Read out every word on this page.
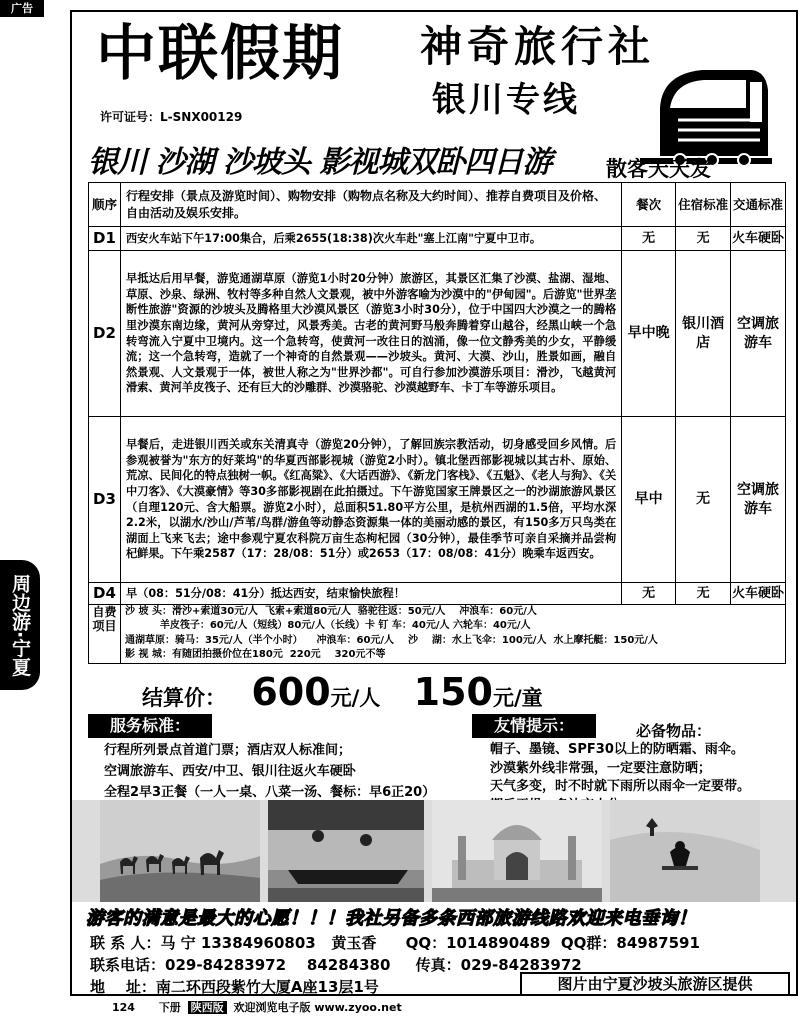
广告
中联假期 神奇旅行社
银川专线
许可证号：L-SNX00129
银川 沙湖 沙坡头 影视城双卧四日游	散客天天发
顺序	行程安排（景点及游览时间）、购物安排（购物点名称及大约时间）、推荐自费项目及价格、自由活动及娱乐安排。	餐次	住宿标准	交通标准
D1	西安火车站下午17:00集合，后乘2655(18:38)次火车赴"塞上江南"宁夏中卫市。	无	无	火车硬卧
D2	早抵达后用早餐，游览通湖草原（游览1小时20分钟）旅游区，其景区汇集了沙漠、盐湖、湿地、草原、沙泉、绿洲、牧村等多种自然人文景观，被中外游客喻为沙漠中的"伊甸园"。后游览"世界垄断性旅游"资源的沙坡头及腾格里大沙漠风景区（游览3小时30分），位于中国四大沙漠之一的腾格里沙漠东南边缘，黄河从旁穿过，风景秀美。古老的黄河野马般奔腾着穿山越谷，经黑山峡一个急转弯流入宁夏中卫境内。这一个急转弯，使黄河一改往日的汹涌，像一位文静秀美的少女，平静缓流；这一个急转弯，造就了一个神奇的自然景观——沙坡头。黄河、大漠、沙山，胜景如画，融自然景观、人文景观于一体，被世人称之为"世界沙都"。可自行参加沙漠游乐项目：滑沙，飞越黄河滑索、黄河羊皮筏子、还有巨大的沙雕群、沙漠骆驼、沙漠越野车、卡丁车等游乐项目。	早中晚	银川酒店	空调旅游车
D3	早餐后，走进银川西关或东关清真寺（游览20分钟），了解回族宗教活动，切身感受回乡风情。后参观被誉为"东方的好莱坞"的华夏西部影视城（游览2小时）。镇北堡西部影视城以其古朴、原始、荒凉、民间化的特点独树一帜。《红高粱》、《大话西游》、《新龙门客栈》、《五魁》、《老人与狗》、《关中刀客》、《大漠豪情》等30多部影视剧在此拍摄过。下午游览国家王牌景区之一的沙湖旅游风景区（自理120元、含大船票。游览2小时），总面积51.80平方公里，是杭州西湖的1.5倍，平均水深2.2米，以湖水/沙山/芦苇/鸟群/游鱼等动静态资源集一体的美丽动感的景区，有150多万只鸟类在湖面上飞来飞去；途中参观宁夏农科院万亩生态枸杞园（30分钟），最佳季节可亲自采摘并品尝枸杞鲜果。下午乘2587（17：28/08：51分）或2653（17：08/08：41分）晚乘车返西安。	早中	无	空调旅游车
D4	早（08：51分/08：41分）抵达西安，结束愉快旅程！	无	无	火车硬卧
自费项目
沙 坡 头：滑沙+索道30元/人  飞索+索道80元/人  骆驼往返：50元/人    冲浪车：60元/人
羊皮筏子：60元/人（短线）80元/人（长线）卡 钉 车：40元/人 六轮车：40元/人
通湖草原：骑马：35元/人（半个小时）    冲浪车：60元/人    沙    湖：水上飞伞：100元/人  水上摩托艇：150元/人
影 视 城：有随团拍摄价位在180元  220元    320元不等
周边游·宁夏
结算价： 600元/人 150元/童
服务标准：
行程所列景点首道门票；酒店双人标准间；
空调旅游车、西安/中卫、银川往返火车硬卧
全程2早3正餐（一人一桌、八菜一汤、餐标：早6正20）
友情提示：	必备物品：
帽子、墨镜、SPF30以上的防晒霜、雨伞。
沙漠紫外线非常强，一定要注意防晒；
天气多变，时不时就下雨所以雨伞一定要带。
游客的满意是最大的心愿！！！我社另备多条西部旅游线路欢迎来电垂询！
联 系 人：马 宁 13384960803   黄玉香 QQ：1014890489  QQ群：84987591
联系电话：029-84283972    84284380 传真：029-84283972
地    址：南二环西段紫竹大厦A座13层1号	图片由宁夏沙坡头旅游区提供
124 下册 陕西版 欢迎浏览电子版 www.zyoo.net
